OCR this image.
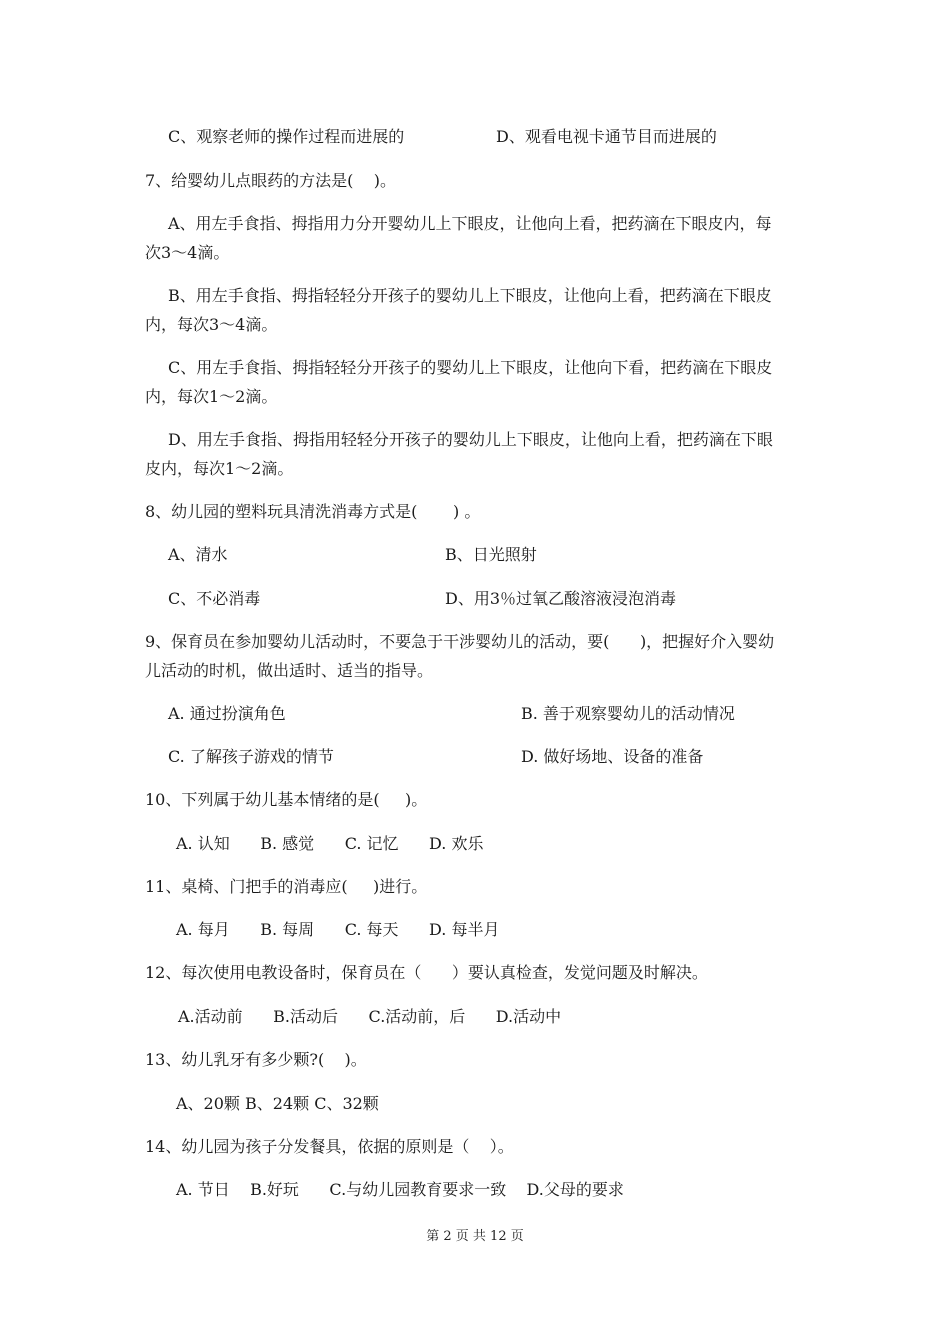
C、观察老师的操作过程而进展的	D、观看电视卡通节目而进展的
7、给婴幼儿点眼药的方法是(    )。
A、用左手食指、拇指用力分开婴幼儿上下眼皮，让他向上看，把药滴在下眼皮内，每
次3～4滴。
B、用左手食指、拇指轻轻分开孩子的婴幼儿上下眼皮，让他向上看，把药滴在下眼皮
内，每次3～4滴。
C、用左手食指、拇指轻轻分开孩子的婴幼儿上下眼皮，让他向下看，把药滴在下眼皮
内，每次1～2滴。
D、用左手食指、拇指用轻轻分开孩子的婴幼儿上下眼皮，让他向上看，把药滴在下眼
皮内，每次1～2滴。
8、幼儿园的塑料玩具清洗消毒方式是(       ) 。
A、清水	B、日光照射
C、不必消毒	D、用3％过氧乙酸溶液浸泡消毒
9、保育员在参加婴幼儿活动时，不要急于干涉婴幼儿的活动，要(      )，把握好介入婴幼
儿活动的时机，做出适时、适当的指导。
A. 通过扮演角色	B. 善于观察婴幼儿的活动情况
C. 了解孩子游戏的情节	D. 做好场地、设备的准备
10、下列属于幼儿基本情绪的是(     )。
A. 认知      B. 感觉      C. 记忆      D. 欢乐
11、桌椅、门把手的消毒应(     )进行。
A. 每月      B. 每周      C. 每天      D. 每半月
12、每次使用电教设备时，保育员在（      ）要认真检查，发觉问题及时解决。
A.活动前      B.活动后      C.活动前，后      D.活动中
13、幼儿乳牙有多少颗?(    )。
A、20颗 B、24颗 C、32颗
14、幼儿园为孩子分发餐具，依据的原则是（    ）。
A. 节日    B.好玩      C.与幼儿园教育要求一致    D.父母的要求
第 2 页 共 12 页
